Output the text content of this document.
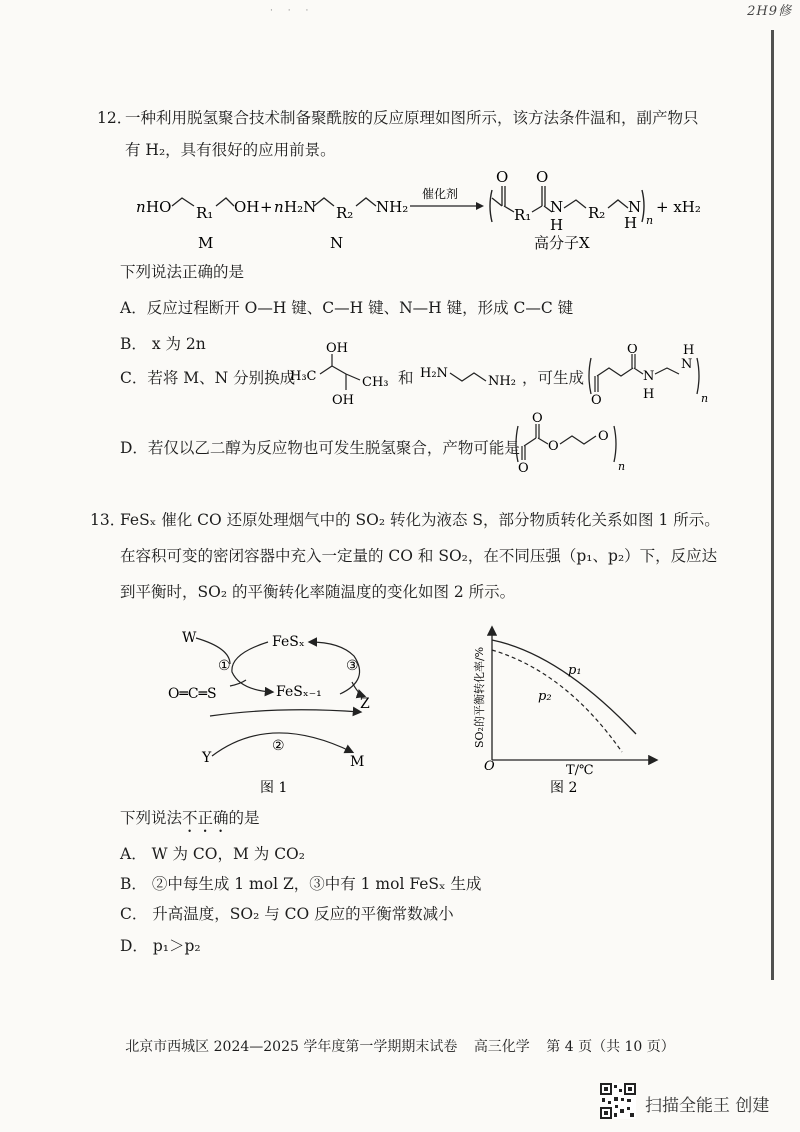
2H9修
· · ·
12．
一种利用脱氢聚合技术制备聚酰胺的反应原理如图所示，该方法条件温和，副产物只
有 H₂，具有很好的应用前景。
n HO R₁ OH + n H₂N R₂ NH₂
催化剂
O
R₁
O
N
H
R₂ N
H n
+ xH₂
M	N	高分子X
下列说法正确的是
A．反应过程断开 O—H 键、C—H 键、N—H 键，形成 C—C 键
B． x 为 2n
C．若将 M、N 分别换成
H₃C
OH
OH
CH₃ 和 H₂N
NH₂ ，可生成
O
O
N
H
N
H
n
D．若仅以乙二醇为反应物也可发生脱氢聚合，产物可能是
O
O
O
O
n
13．
FeSₓ 催化 CO 还原处理烟气中的 SO₂ 转化为液态 S，部分物质转化关系如图 1 所示。
在容积可变的密闭容器中充入一定量的 CO 和 SO₂，在不同压强（p₁、p₂）下，反应达
到平衡时，SO₂ 的平衡转化率随温度的变化如图 2 所示。
W	FeSₓ
①	③
O═C═S	FeSₓ₋₁
Z
②
Y	M
图 1
O	T/℃
SO₂的平衡转化率/%	p₁
p₂
图 2
下列说法不正确的是
A． W 为 CO，M 为 CO₂
B． ②中每生成 1 mol Z，③中有 1 mol FeSₓ 生成
C． 升高温度，SO₂ 与 CO 反应的平衡常数减小
D． p₁＞p₂
北京市西城区 2024—2025 学年度第一学期期末试卷 高三化学 第 4 页（共 10 页）
扫描全能王 创建
